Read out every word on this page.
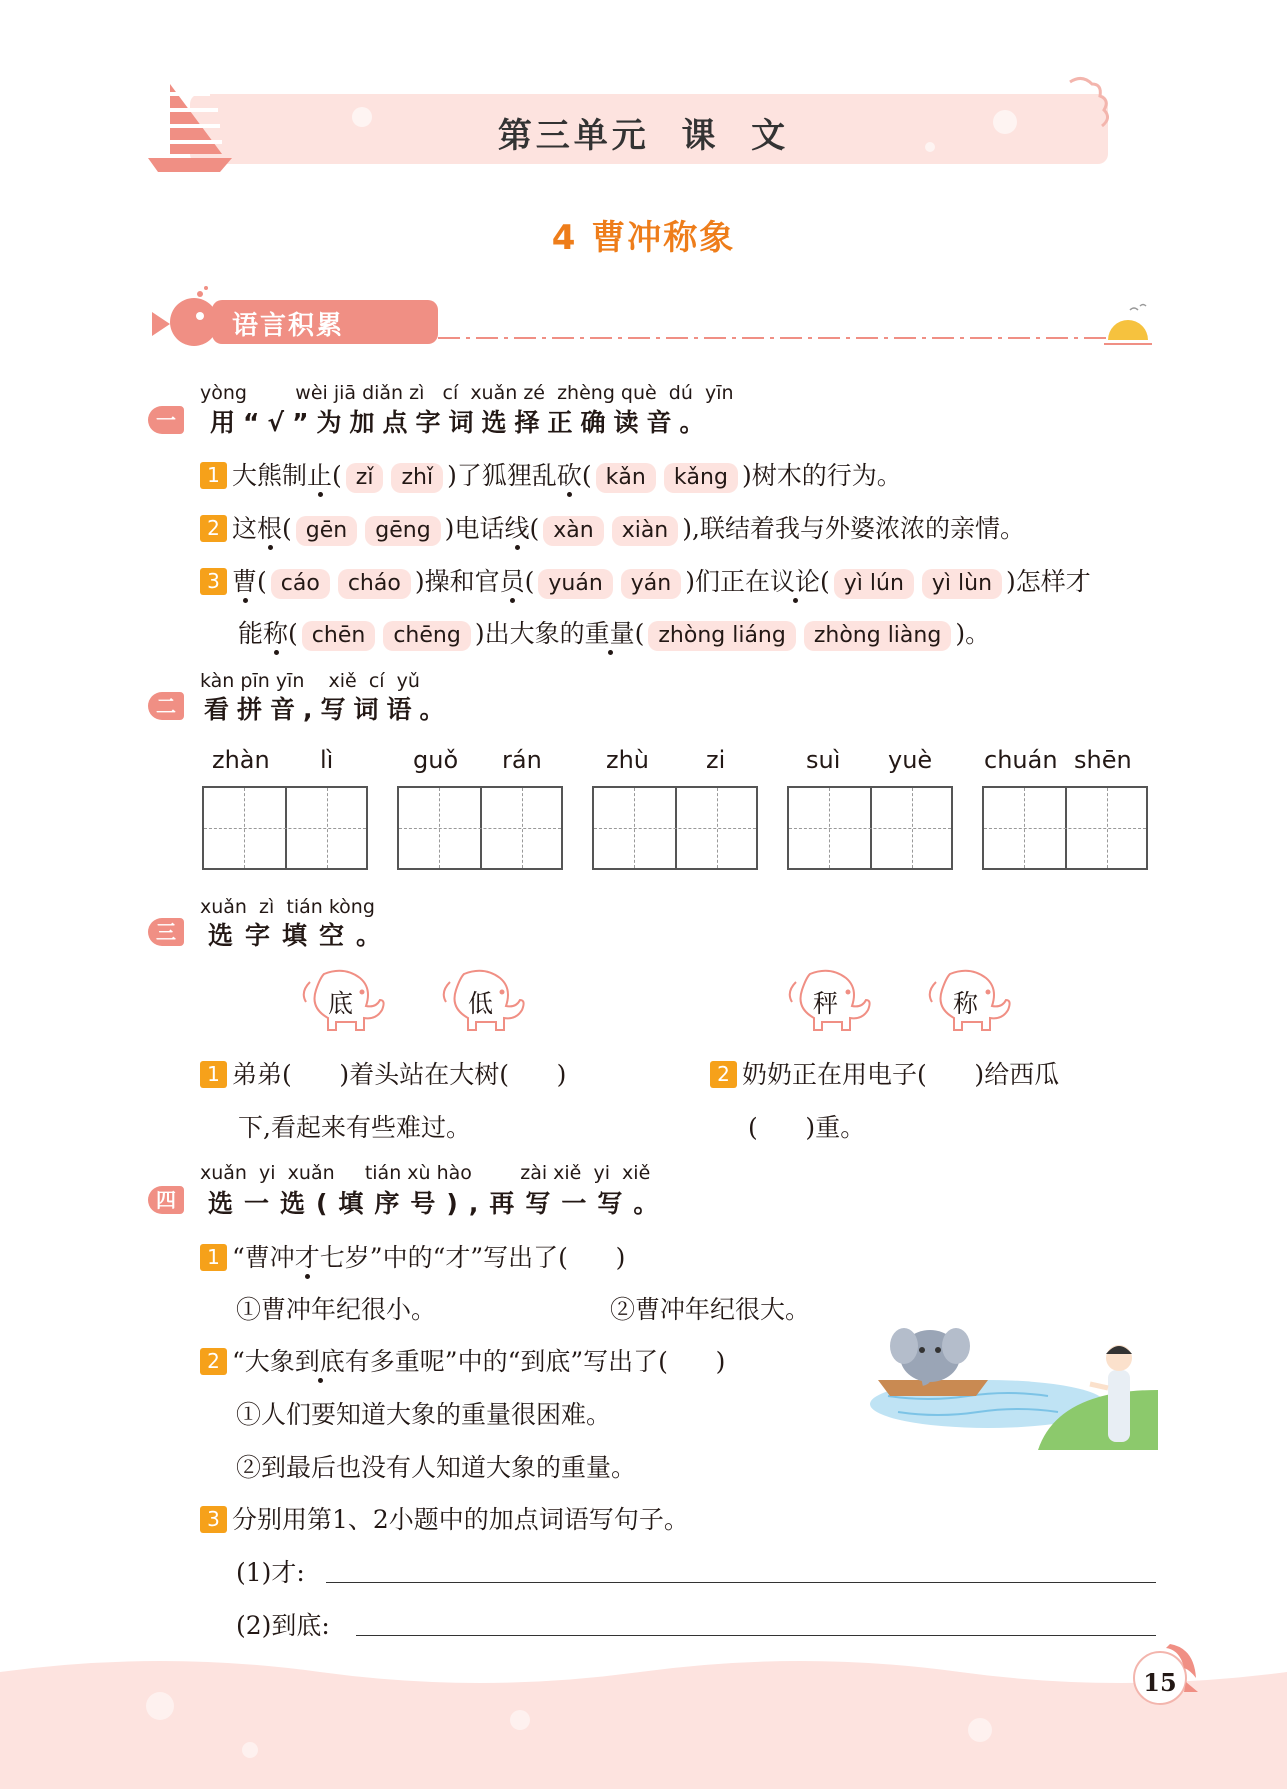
第三单元  课  文
4 曹冲称象
语言积累
yòng        wèi jiā diǎn zì   cí  xuǎn zé  zhèng què  dú  yīn
一	用“√”为加点字词选择正确读音。
1 大熊制止( zǐ zhǐ )了狐狸乱砍( kǎn kǎng )树木的行为。
2 这根( gēn gēng )电话线( xàn xiàn ),联结着我与外婆浓浓的亲情。
3 曹( cáo cháo )操和官员( yuán yán )们正在议论( yì lún yì lùn )怎样才
能称( chēn chēng )出大象的重量( zhòng liáng zhòng liàng )。
kàn pīn yīn    xiě  cí  yǔ
二	看拼音,写词语。
zhàn lì	guǒ rán	zhù zi	suì yuè chuán shēn
xuǎn  zì  tián kòng
三	选字填空。
底	低	秤	称
1 弟弟(      )着头站在大树(      )
下,看起来有些难过。
2 奶奶正在用电子(      )给西瓜
(      )重。
xuǎn  yi  xuǎn     tián xù hào        zài xiě  yi  xiě
四	选一选(填序号),再写一写。
1 “曹冲才七岁”中的“才”写出了(      )
①曹冲年纪很小。	②曹冲年纪很大。
2 “大象到底有多重呢”中的“到底”写出了(      )
①人们要知道大象的重量很困难。
②到最后也没有人知道大象的重量。
3 分别用第1、2小题中的加点词语写句子。
(1)才:
(2)到底:
15
